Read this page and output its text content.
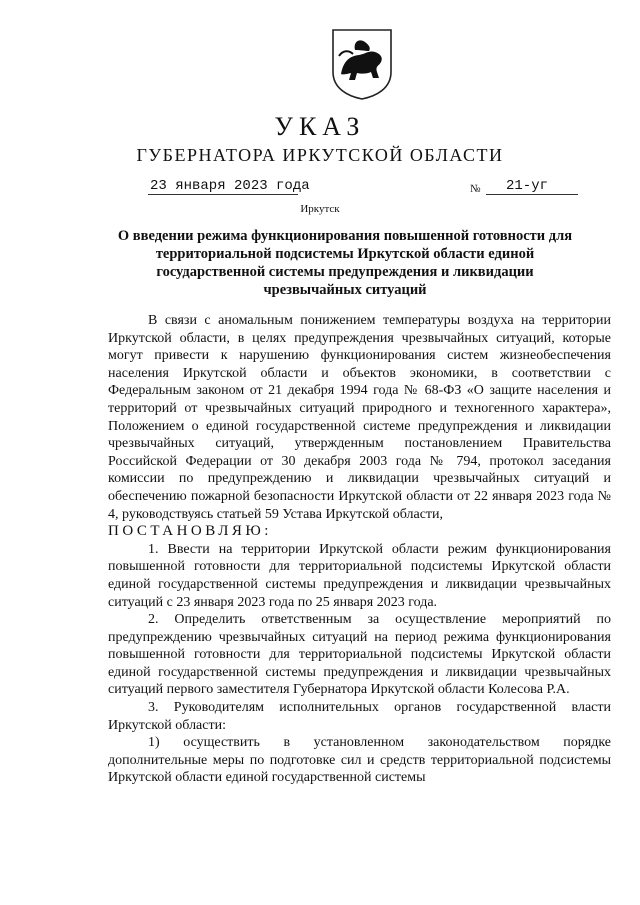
УКАЗ
ГУБЕРНАТОРА ИРКУТСКОЙ ОБЛАСТИ
23 января 2023 года	№ 21-уг
Иркутск
О введении режима функционирования повышенной готовности для территориальной подсистемы Иркутской области единой государственной системы предупреждения и ликвидации чрезвычайных ситуаций

В связи с аномальным понижением температуры воздуха на территории Иркутской области, в целях предупреждения чрезвычайных ситуаций, которые могут привести к нарушению функционирования систем жизнеобеспечения населения Иркутской области и объектов экономики, в соответствии с Федеральным законом от 21 декабря 1994 года № 68-ФЗ «О защите населения и территорий от чрезвычайных ситуаций природного и техногенного характера», Положением о единой государственной системе предупреждения и ликвидации чрезвычайных ситуаций, утвержденным постановлением Правительства Российской Федерации от 30 декабря 2003 года № 794, протокол заседания комиссии по предупреждению и ликвидации чрезвычайных ситуаций и обеспечению пожарной безопасности Иркутской области от 22 января 2023 года № 4, руководствуясь статьей 59 Устава Иркутской области,

ПОСТАНОВЛЯЮ:

1. Ввести на территории Иркутской области режим функционирования повышенной готовности для территориальной подсистемы Иркутской области единой государственной системы предупреждения и ликвидации чрезвычайных ситуаций с 23 января 2023 года по 25 января 2023 года.

2. Определить ответственным за осуществление мероприятий по предупреждению чрезвычайных ситуаций на период режима функционирования повышенной готовности для территориальной подсистемы Иркутской области единой государственной системы предупреждения и ликвидации чрезвычайных ситуаций первого заместителя Губернатора Иркутской области Колесова Р.А.

3. Руководителям исполнительных органов государственной власти Иркутской области:

1) осуществить в установленном законодательством порядке дополнительные меры по подготовке сил и средств территориальной подсистемы Иркутской области единой государственной системы
